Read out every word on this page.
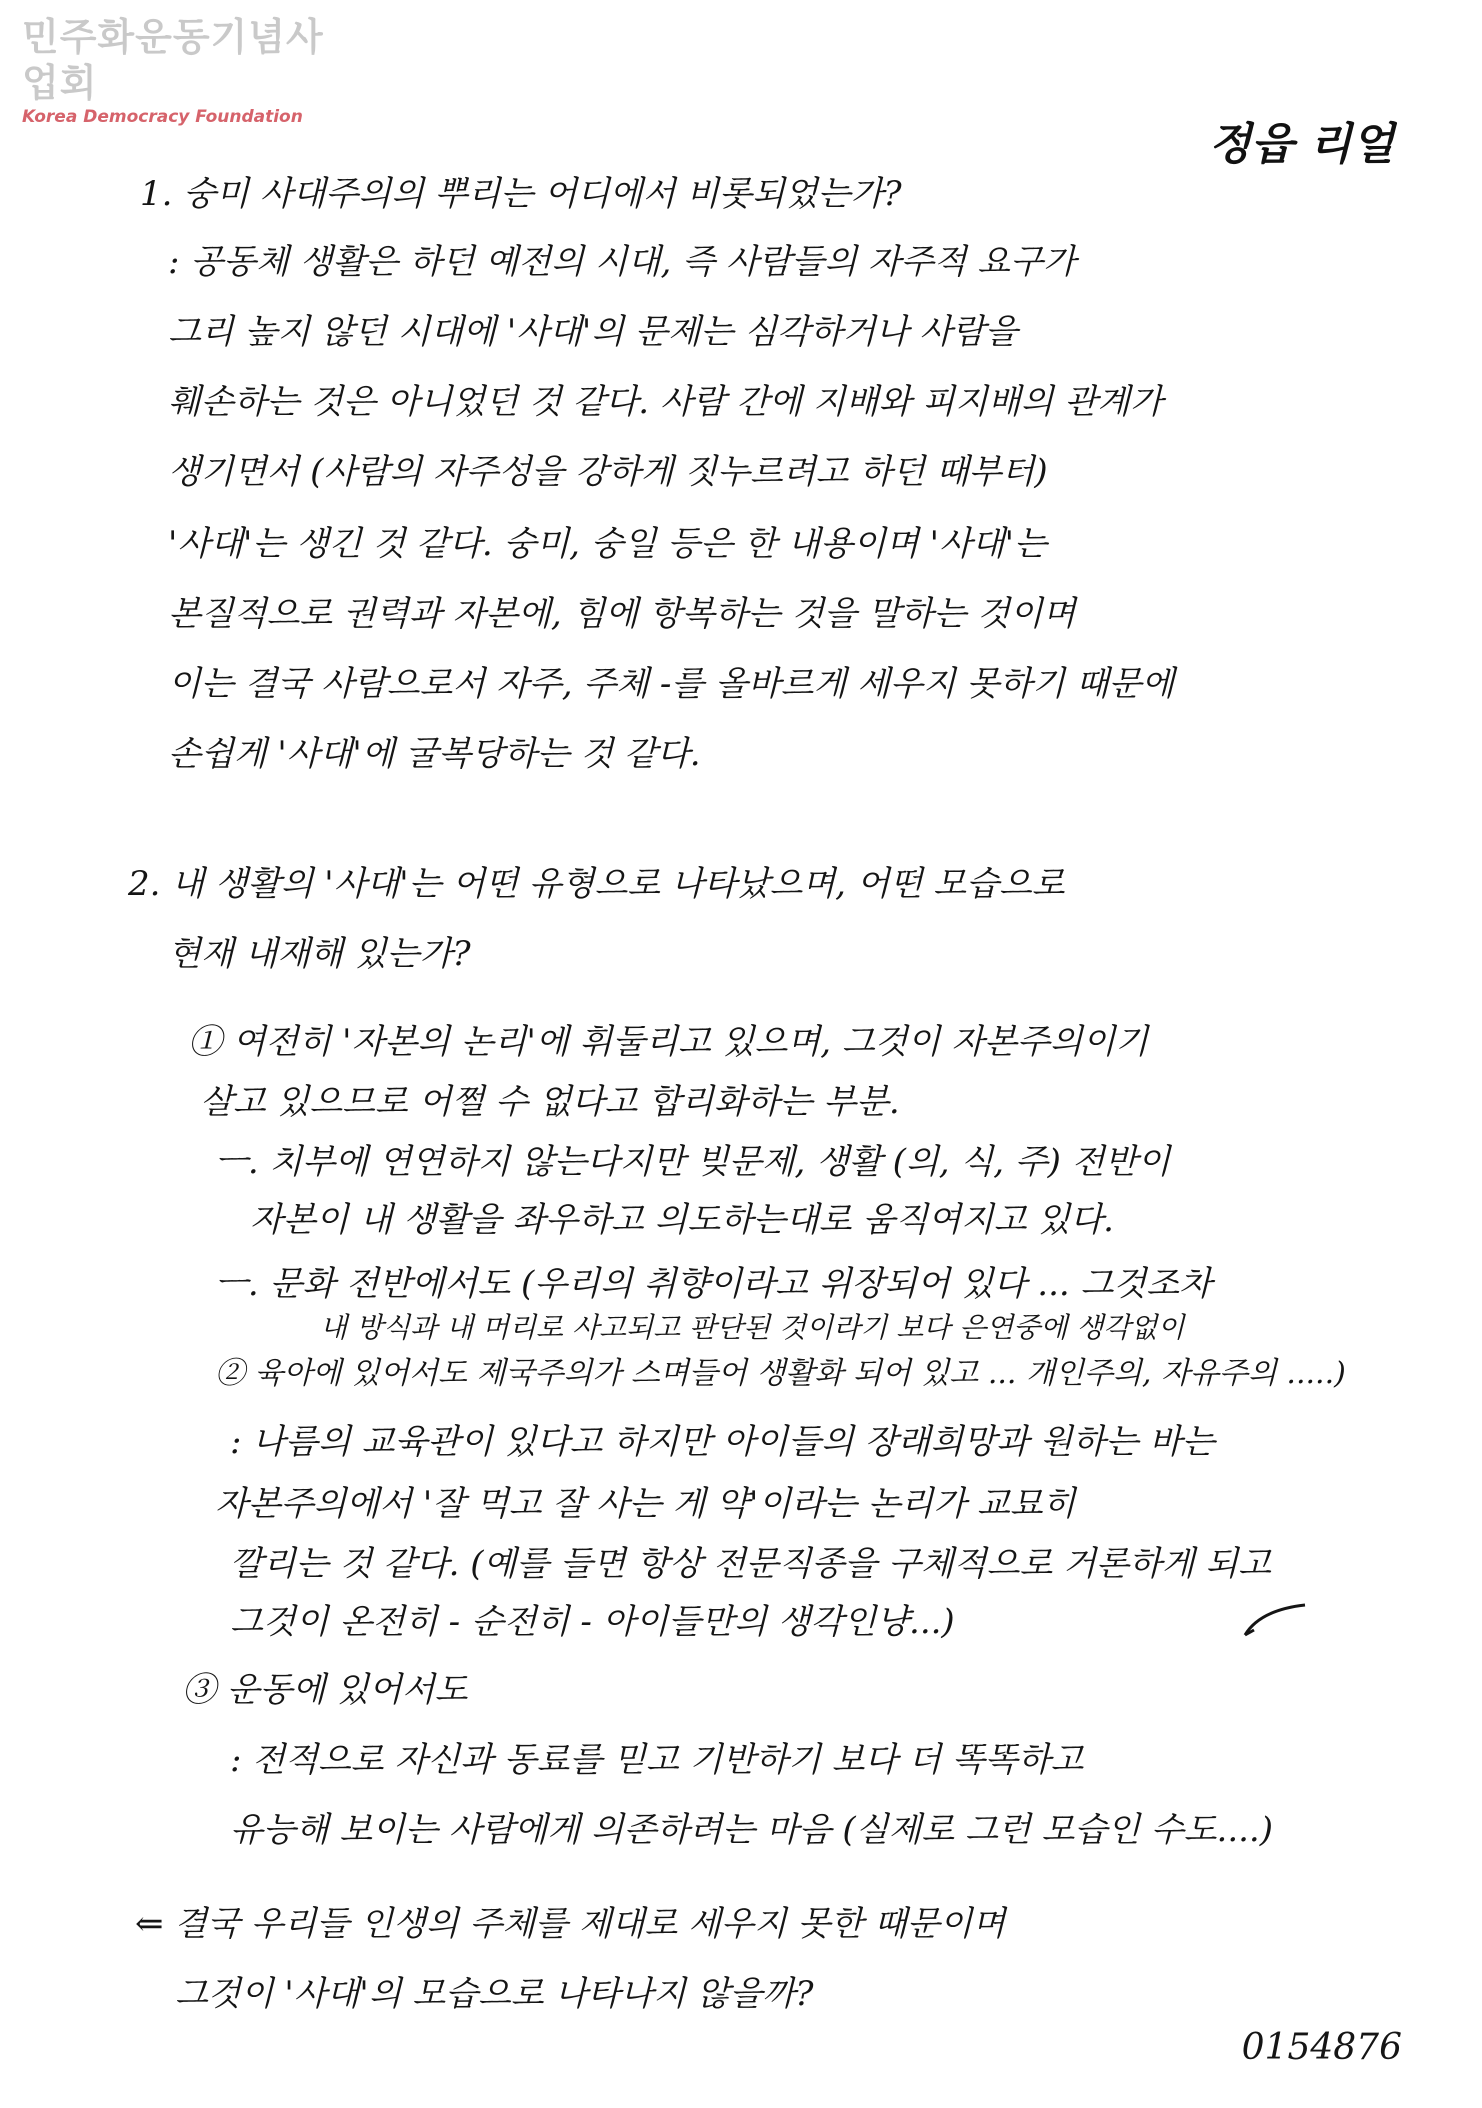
민주화운동기념사업회
Korea Democracy Foundation
정읍 리얼
1. 숭미 사대주의의 뿌리는 어디에서 비롯되었는가?
: 공동체 생활은 하던 예전의 시대, 즉 사람들의 자주적 요구가
그리 높지 않던 시대에 '사대'의 문제는 심각하거나 사람을
훼손하는 것은 아니었던 것 같다. 사람 간에 지배와 피지배의 관계가
생기면서 (사람의 자주성을 강하게 짓누르려고 하던 때부터)
'사대'는 생긴 것 같다. 숭미, 숭일 등은 한 내용이며 '사대'는
본질적으로 권력과 자본에, 힘에 항복하는 것을 말하는 것이며
이는 결국 사람으로서 자주, 주체 -를 올바르게 세우지 못하기 때문에
손쉽게 '사대'에 굴복당하는 것 같다.
2. 내 생활의 '사대'는 어떤 유형으로 나타났으며, 어떤 모습으로
현재 내재해 있는가?
① 여전히 '자본의 논리'에 휘둘리고 있으며, 그것이 자본주의이기
살고 있으므로 어쩔 수 없다고 합리화하는 부분.
ㅡ. 치부에 연연하지 않는다지만 빚문제, 생활 (의, 식, 주) 전반이
자본이 내 생활을 좌우하고 의도하는대로 움직여지고 있다.
ㅡ. 문화 전반에서도 (우리의 취향이라고 위장되어 있다 ... 그것조차
내 방식과 내 머리로 사고되고 판단된 것이라기 보다 은연중에 생각없이
② 육아에 있어서도 제국주의가 스며들어 생활화 되어 있고 ... 개인주의, 자유주의 .....)
: 나름의 교육관이 있다고 하지만 아이들의 장래희망과 원하는 바는
자본주의에서 '잘 먹고 잘 사는 게 약'이라는 논리가 교묘히
깔리는 것 같다. (예를 들면 항상 전문직종을 구체적으로 거론하게 되고
그것이 온전히 - 순전히 - 아이들만의 생각인냥...)
③ 운동에 있어서도
: 전적으로 자신과 동료를 믿고 기반하기 보다 더 똑똑하고
유능해 보이는 사람에게 의존하려는 마음 (실제로 그런 모습인 수도....)
⇐ 결국 우리들 인생의 주체를 제대로 세우지 못한 때문이며
그것이 '사대'의 모습으로 나타나지 않을까?
0154876
